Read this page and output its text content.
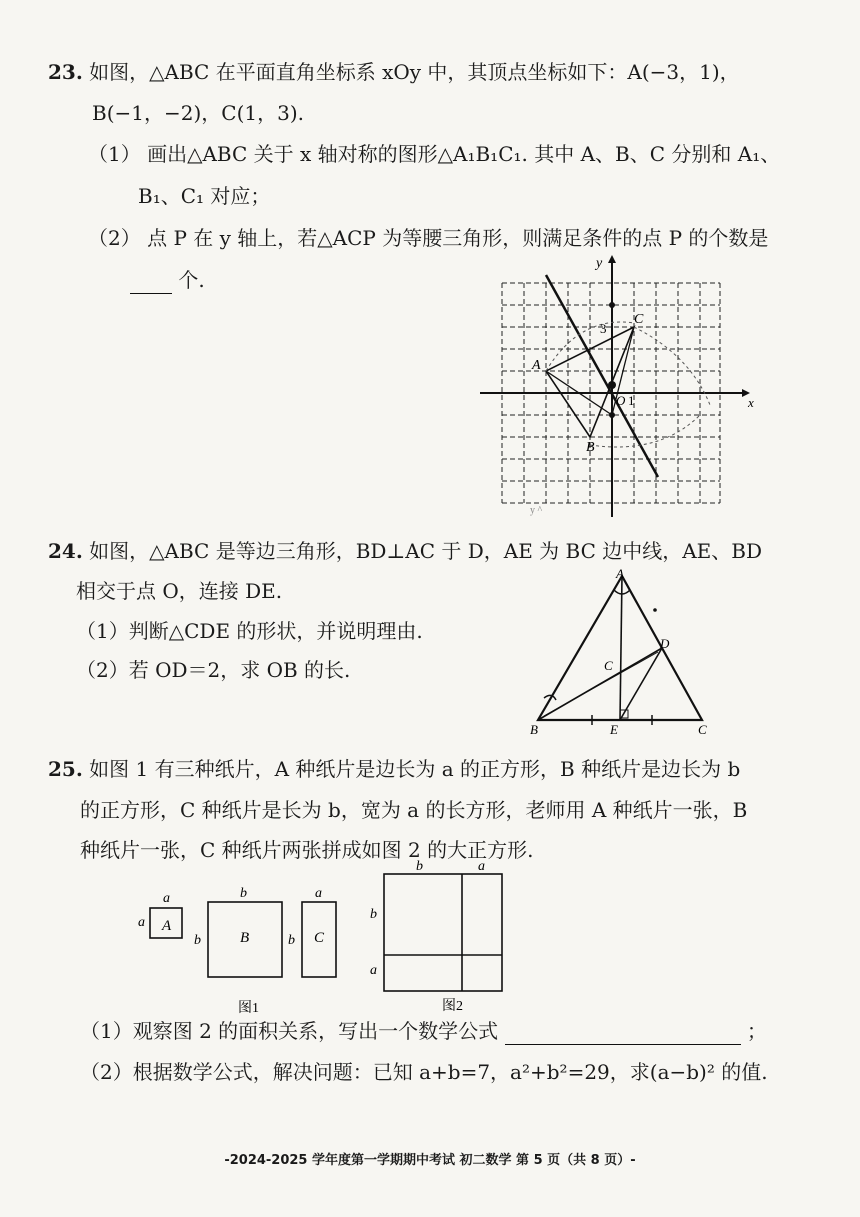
23. 如图，△ABC 在平面直角坐标系 xOy 中，其顶点坐标如下：A(−3，1)，
B(−1，−2)，C(1，3).
（1） 画出△ABC 关于 x 轴对称的图形△A₁B₁C₁. 其中 A、B、C 分别和 A₁、
B₁、C₁ 对应；
（2） 点 P 在 y 轴上，若△ACP 为等腰三角形，则满足条件的点 P 的个数是
个.
x
y
O 1
3
A
B
C
y ^
24. 如图，△ABC 是等边三角形，BD⊥AC 于 D，AE 为 BC 边中线，AE、BD
相交于点 O，连接 DE.
（1）判断△CDE 的形状，并说明理由.
（2）若 OD＝2，求 OB 的长.
A
B	C
D
E
C
25. 如图 1 有三种纸片，A 种纸片是边长为 a 的正方形，B 种纸片是边长为 b
的正方形，C 种纸片是长为 b，宽为 a 的长方形，老师用 A 种纸片一张，B
种纸片一张，C 种纸片两张拼成如图 2 的大正方形.
A
a
a
B
b
b	C
a
b
图1
b	a
b
a
图2
（1）观察图 2 的面积关系，写出一个数学公式	；
（2）根据数学公式，解决问题：已知 a+b=7，a²+b²=29，求(a−b)² 的值.
-2024-2025 学年度第一学期期中考试 初二数学 第 5 页（共 8 页）-
